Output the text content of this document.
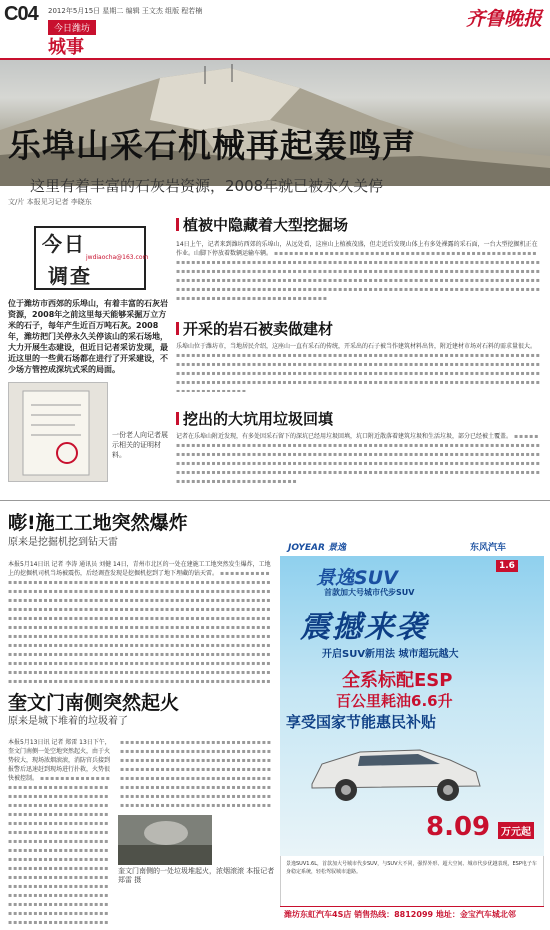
C04 2012年5月15日 星期二 编辑 王文杰 组版 程若楠
今日潍坊
城事
齐鲁晚报
乐埠山采石机械再起轰鸣声
这里有着丰富的石灰岩资源，2008年就已被永久关停
文/片 本报见习记者 李晓东
今日
jwdiaocha@163.com
调查
位于潍坊市西郊的乐埠山，有着丰富的石灰岩资源，2008年之前这里每天能够采掘万立方米的石子，每年产生近百万吨石灰。2008年，潍坊把门关停永久关停该山的采石场地，大力开展生态建设，但近日记者采访发现，最近这里的一些黄石场都在进行了开采建设，不少场方管控成深坑式采的局面。
一份老人向记者展示相关的证明材料。
植被中隐藏着大型挖掘场
14日上午，记者来到潍坊西郊的乐埠山，从远处看，这座山上植被茂盛，但走近后发现山体上有多处裸露的采石面，一台大型挖掘机正在作业。山脚下停放着数辆运输车辆。 ▪▪▪▪▪▪▪▪▪▪▪▪▪▪▪▪▪▪▪▪▪▪▪▪▪▪▪▪▪▪▪▪▪▪▪▪▪▪▪▪▪▪▪▪▪▪▪▪▪▪▪▪▪▪▪▪▪▪▪▪▪▪▪▪▪▪▪▪▪▪▪▪▪▪▪▪▪▪▪▪▪▪▪▪▪▪▪▪▪▪▪▪▪▪▪▪▪▪▪▪▪▪▪▪▪▪▪▪▪▪▪▪▪▪▪▪▪▪▪▪▪▪▪▪▪▪▪▪▪▪▪▪▪▪▪▪▪▪▪▪▪▪▪▪▪▪▪▪▪▪▪▪▪▪▪▪▪▪▪▪▪▪▪▪▪▪▪▪▪▪▪▪▪▪▪▪▪▪▪▪▪▪▪▪▪▪▪▪▪▪▪▪▪▪▪▪▪▪▪▪▪▪▪▪▪▪▪▪▪▪▪▪▪▪▪▪▪▪▪▪▪▪▪▪▪▪▪▪▪▪▪▪▪▪▪▪▪▪▪▪▪▪▪▪▪▪▪▪▪▪▪▪▪▪▪▪▪▪▪▪▪▪▪▪▪▪▪▪▪▪▪▪▪▪▪▪▪▪▪▪▪▪▪▪▪▪▪▪▪▪▪▪▪▪▪▪▪▪▪▪▪▪▪▪▪▪▪▪▪▪▪▪▪▪▪▪▪▪▪▪▪▪▪▪▪▪▪▪▪▪▪▪▪▪▪▪▪▪▪▪▪▪▪▪▪▪▪▪▪▪▪▪▪▪▪▪▪▪▪▪▪▪▪▪▪▪▪▪▪▪
开采的岩石被卖做建材
乐埠山位于潍坊市，当地居民介绍，这座山一直有采石的传统，开采出的石子被当作建筑材料出售，附近建材市场对石料的需求量很大。 ▪▪▪▪▪▪▪▪▪▪▪▪▪▪▪▪▪▪▪▪▪▪▪▪▪▪▪▪▪▪▪▪▪▪▪▪▪▪▪▪▪▪▪▪▪▪▪▪▪▪▪▪▪▪▪▪▪▪▪▪▪▪▪▪▪▪▪▪▪▪▪▪▪▪▪▪▪▪▪▪▪▪▪▪▪▪▪▪▪▪▪▪▪▪▪▪▪▪▪▪▪▪▪▪▪▪▪▪▪▪▪▪▪▪▪▪▪▪▪▪▪▪▪▪▪▪▪▪▪▪▪▪▪▪▪▪▪▪▪▪▪▪▪▪▪▪▪▪▪▪▪▪▪▪▪▪▪▪▪▪▪▪▪▪▪▪▪▪▪▪▪▪▪▪▪▪▪▪▪▪▪▪▪▪▪▪▪▪▪▪▪▪▪▪▪▪▪▪▪▪▪▪▪▪▪▪▪▪▪▪▪▪▪▪▪▪▪▪▪▪▪▪▪▪▪▪▪▪▪▪▪▪▪▪▪▪▪▪▪▪▪▪▪▪▪▪▪▪▪▪▪▪▪▪▪▪▪▪▪▪▪▪▪▪▪▪▪▪▪▪▪▪▪▪▪▪▪▪▪▪▪▪▪▪▪▪▪▪▪▪▪▪▪▪▪▪▪▪▪▪▪▪
挖出的大坑用垃圾回填
记者在乐埠山附近发现，有多处因采石留下的深坑已经用垃圾回填，坑口附近散落着建筑垃圾和生活垃圾，部分已经被土覆盖。 ▪▪▪▪▪▪▪▪▪▪▪▪▪▪▪▪▪▪▪▪▪▪▪▪▪▪▪▪▪▪▪▪▪▪▪▪▪▪▪▪▪▪▪▪▪▪▪▪▪▪▪▪▪▪▪▪▪▪▪▪▪▪▪▪▪▪▪▪▪▪▪▪▪▪▪▪▪▪▪▪▪▪▪▪▪▪▪▪▪▪▪▪▪▪▪▪▪▪▪▪▪▪▪▪▪▪▪▪▪▪▪▪▪▪▪▪▪▪▪▪▪▪▪▪▪▪▪▪▪▪▪▪▪▪▪▪▪▪▪▪▪▪▪▪▪▪▪▪▪▪▪▪▪▪▪▪▪▪▪▪▪▪▪▪▪▪▪▪▪▪▪▪▪▪▪▪▪▪▪▪▪▪▪▪▪▪▪▪▪▪▪▪▪▪▪▪▪▪▪▪▪▪▪▪▪▪▪▪▪▪▪▪▪▪▪▪▪▪▪▪▪▪▪▪▪▪▪▪▪▪▪▪▪▪▪▪▪▪▪▪▪▪▪▪▪▪▪▪▪▪▪▪▪▪▪▪▪▪▪▪▪▪▪▪▪▪▪▪▪▪▪▪▪▪▪▪▪▪▪▪▪▪▪▪▪▪▪▪▪▪▪▪▪▪▪▪▪▪▪▪▪▪▪▪▪▪▪▪▪▪▪▪▪▪▪▪▪
嘭!施工工地突然爆炸
原来是挖掘机挖到钻天雷
本报5月14日讯 记者 李涛 通讯员 刘健 14日，青州市北区的一处在建施工工地突然发生爆炸，工地上的挖掘机司机当场被震伤，后经调查发现是挖掘机挖到了地下埋藏的钻天雷。 ▪▪▪▪▪▪▪▪▪▪▪▪▪▪▪▪▪▪▪▪▪▪▪▪▪▪▪▪▪▪▪▪▪▪▪▪▪▪▪▪▪▪▪▪▪▪▪▪▪▪▪▪▪▪▪▪▪▪▪▪▪▪▪▪▪▪▪▪▪▪▪▪▪▪▪▪▪▪▪▪▪▪▪▪▪▪▪▪▪▪▪▪▪▪▪▪▪▪▪▪▪▪▪▪▪▪▪▪▪▪▪▪▪▪▪▪▪▪▪▪▪▪▪▪▪▪▪▪▪▪▪▪▪▪▪▪▪▪▪▪▪▪▪▪▪▪▪▪▪▪▪▪▪▪▪▪▪▪▪▪▪▪▪▪▪▪▪▪▪▪▪▪▪▪▪▪▪▪▪▪▪▪▪▪▪▪▪▪▪▪▪▪▪▪▪▪▪▪▪▪▪▪▪▪▪▪▪▪▪▪▪▪▪▪▪▪▪▪▪▪▪▪▪▪▪▪▪▪▪▪▪▪▪▪▪▪▪▪▪▪▪▪▪▪▪▪▪▪▪▪▪▪▪▪▪▪▪▪▪▪▪▪▪▪▪▪▪▪▪▪▪▪▪▪▪▪▪▪▪▪▪▪▪▪▪▪▪▪▪▪▪▪▪▪▪▪▪▪▪▪▪▪▪▪▪▪▪▪▪▪▪▪▪▪▪▪▪▪▪▪▪▪▪▪▪▪▪▪▪▪▪▪▪▪▪▪▪▪▪▪▪▪▪▪▪▪▪▪▪▪▪▪▪▪▪▪▪▪▪▪▪▪▪▪▪▪▪▪▪▪▪▪▪▪▪▪▪▪▪▪▪▪▪▪▪▪▪▪▪▪▪▪▪▪▪▪▪▪▪▪▪▪▪▪▪▪▪▪▪▪▪▪▪▪▪▪▪▪▪▪▪▪▪▪▪▪▪▪▪▪▪▪▪▪▪▪▪▪▪▪▪▪▪▪▪▪▪▪▪▪▪▪▪▪▪▪▪▪▪▪▪▪▪▪▪▪▪▪▪▪▪▪▪▪▪▪▪▪▪▪▪▪▪▪▪▪▪▪▪▪▪▪▪▪▪▪▪▪▪▪▪▪▪▪▪▪▪▪▪▪▪▪▪▪▪▪▪▪▪▪▪▪▪▪▪▪▪▪▪▪▪▪▪▪▪▪▪▪▪▪▪▪▪▪▪▪▪▪▪▪▪▪▪▪▪▪▪▪▪▪▪▪▪▪▪▪▪▪▪▪▪▪▪▪▪▪▪▪▪▪▪▪▪▪▪▪▪▪▪▪▪▪▪▪▪▪▪▪▪▪▪▪▪▪▪▪▪▪▪▪▪▪▪▪▪▪▪▪▪▪▪▪▪▪▪▪▪▪▪▪▪▪▪▪
奎文门南侧突然起火
原来是城下堆着的垃圾着了
本报5月13日讯 记者 郑雷 13日下午，奎文门南侧一处空地突然起火，由于火势较大，现场浓烟滚滚，消防官兵接到报警后迅速赶到现场进行扑救，火势很快被控制。 ▪▪▪▪▪▪▪▪▪▪▪▪▪▪▪▪▪▪▪▪▪▪▪▪▪▪▪▪▪▪▪▪▪▪▪▪▪▪▪▪▪▪▪▪▪▪▪▪▪▪▪▪▪▪▪▪▪▪▪▪▪▪▪▪▪▪▪▪▪▪▪▪▪▪▪▪▪▪▪▪▪▪▪▪▪▪▪▪▪▪▪▪▪▪▪▪▪▪▪▪▪▪▪▪▪▪▪▪▪▪▪▪▪▪▪▪▪▪▪▪▪▪▪▪▪▪▪▪▪▪▪▪▪▪▪▪▪▪▪▪▪▪▪▪▪▪▪▪▪▪▪▪▪▪▪▪▪▪▪▪▪▪▪▪▪▪▪▪▪▪▪▪▪▪▪▪▪▪▪▪▪▪▪▪▪▪▪▪▪▪▪▪▪▪▪▪▪▪▪▪▪▪▪▪▪▪▪▪▪▪▪▪▪▪▪▪▪▪▪▪▪▪▪▪▪▪▪▪▪▪▪▪▪▪▪▪▪▪▪▪▪▪▪▪▪▪▪▪▪▪▪▪▪▪▪▪▪▪▪▪▪▪▪▪▪▪▪▪▪▪▪▪▪▪▪▪▪▪▪▪▪▪▪▪▪▪▪▪▪▪▪▪▪▪▪▪▪▪▪▪▪▪▪▪▪▪▪▪▪▪▪▪▪▪▪▪▪▪▪▪▪▪▪▪▪▪▪▪▪▪▪▪▪▪
▪▪▪▪▪▪▪▪▪▪▪▪▪▪▪▪▪▪▪▪▪▪▪▪▪▪▪▪▪▪▪▪▪▪▪▪▪▪▪▪▪▪▪▪▪▪▪▪▪▪▪▪▪▪▪▪▪▪▪▪▪▪▪▪▪▪▪▪▪▪▪▪▪▪▪▪▪▪▪▪▪▪▪▪▪▪▪▪▪▪▪▪▪▪▪▪▪▪▪▪▪▪▪▪▪▪▪▪▪▪▪▪▪▪▪▪▪▪▪▪▪▪▪▪▪▪▪▪▪▪▪▪▪▪▪▪▪▪▪▪▪▪▪▪▪▪▪▪▪▪▪▪▪▪▪▪▪▪▪▪▪▪▪▪▪▪▪▪▪▪▪▪▪▪▪▪▪▪▪▪▪▪▪▪▪▪▪▪▪▪▪▪▪▪▪▪▪▪▪▪▪▪▪▪▪▪▪▪▪▪▪▪▪▪▪▪▪▪▪▪▪▪▪▪▪▪▪▪▪▪▪▪▪▪▪▪▪▪▪▪
奎文门南侧的一处垃圾堆起火，浓烟滚滚 本报记者 郑雷 摄
JOYEAR 景逸	东风汽车
景逸SUV
1.6
首款加大号城市代步SUV
震撼来袭
开启SUV新用法 城市超玩越大
全系标配ESP
百公里耗油6.6升
享受国家节能惠民补贴
8.09	万元起
景逸SUV1.6L，首款加大号城市代步SUV，与SUV大不同，强悍外形、超大空间、城市代步优越表现，ESP电子车身稳定系统，轻松驾驭城市道路。
潍坊东虹汽车4S店 销售热线：8812099 地址：金宝汽车城北邻
